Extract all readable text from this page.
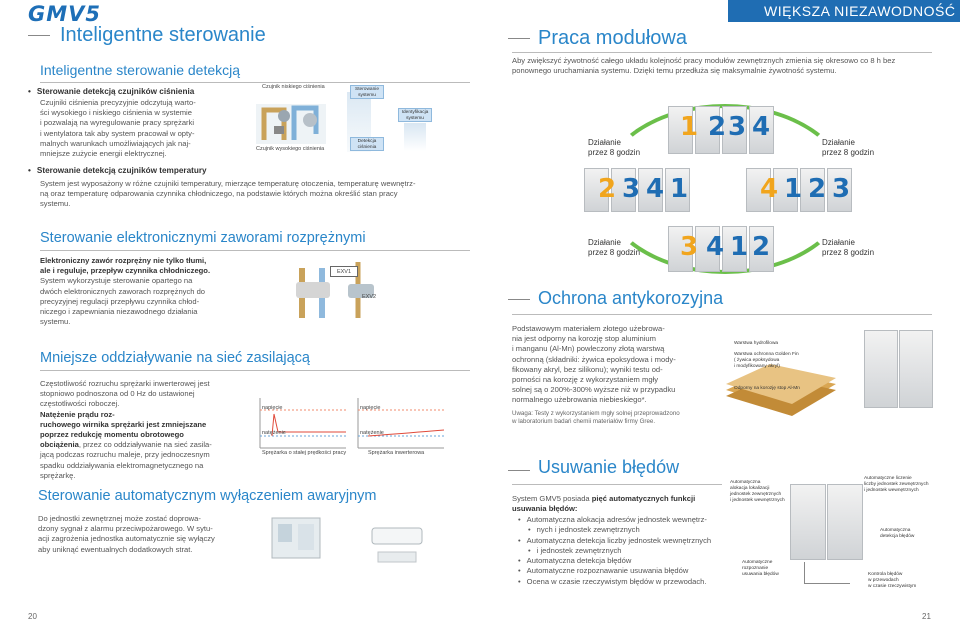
GMV5
Inteligentne sterowanie
Inteligentne sterowanie detekcją
• Sterowanie detekcją czujników ciśnienia
Czujniki ciśnienia precyzyjnie odczytują warto-
ści wysokiego i niskiego ciśnienia w systemie
i pozwalają na wyregulowanie pracy sprężarki
i wentylatora tak aby system pracował w opty-
malnych warunkach umożliwiających jak naj-
mniejsze zużycie energii elektrycznej.
Czujnik niskiego ciśnienia
Czujnik wysokiego ciśnienia
Sterowanie
systemu
Detekcja
ciśnienia
Identyfikacja
systemu
• Sterowanie detekcją czujników temperatury
System jest wyposażony w różne czujniki temperatury, mierzące temperaturę otoczenia, temperaturę wewnętrz-
ną oraz temperaturę odparowania czynnika chłodniczego, na podstawie których można określić stan pracy
systemu.
Sterowanie elektronicznymi zaworami rozprężnymi
Elektroniczny zawór rozprężny nie tylko tłumi,
ale i reguluje, przepływ czynnika chłodniczego.
System wykorzystuje sterowanie opartego na
dwóch elektronicznych zaworach rozprężnych do
precyzyjnej regulacji przepływu czynnika chłod-
niczego i zapewniania niezawodnego działania
systemu.
EXV1
EXV2
Mniejsze oddziaływanie na sieć zasilającą
Częstotliwość rozruchu sprężarki inwerterowej jest
stopniowo podnoszona od 0 Hz do ustawionej
częstotliwości roboczej.
Natężenie prądu roz-
ruchowego wirnika sprężarki jest zmniejszane
poprzez redukcję momentu obrotowego
obciążenia, przez co oddziaływanie na sieć zasila-
jącą podczas rozruchu maleje, przy jednoczesnym
spadku oddziaływania elektromagnetycznego na
sprężarkę.
napięcie
natężenie
Sprężarka o stałej prędkości pracy
napięcie
natężenie
Sprężarka inwerterowa
Sterowanie automatycznym wyłączeniem awaryjnym
Do jednostki zewnętrznej może zostać doprowa-
dzony sygnał z alarmu przeciwpożarowego. W sytu-
acji zagrożenia jednostka automatycznie się wyłączy
aby uniknąć ewentualnych dodatkowych strat.
20
WIĘKSZA NIEZAWODNOŚĆ
Praca modułowa
Aby zwiększyć żywotność całego układu kolejność pracy modułów zewnętrznych zmienia się okresowo co 8 h bez
ponownego uruchamiania systemu. Dzięki temu przedłuża się maksymalnie żywotność systemu.
1 2 3 4
Działanie
przez 8 godzin
Działanie
przez 8 godzin
2 3 4 1	4 1 2 3
3 4 1 2
Działanie
przez 8 godzin
Działanie
przez 8 godzin
Ochrona antykorozyjna
Podstawowym materiałem złotego użebrowa-
nia jest odporny na korozję stop aluminium
i manganu (Al-Mn) powleczony złotą warstwą
ochronną (składniki: żywica epoksydowa i mody-
fikowany akryl, bez silikonu); wyniki testu od-
porności na korozję z wykorzystaniem mgły
solnej są o 200%-300% wyższe niż w przypadku
normalnego użebrowania niebieskiego*.
Uwaga: Testy z wykorzystaniem mgły solnej przeprowadzono
w laboratorium badań chemii materiałów firmy Gree.
Warstwa hydrofilowa
Warstwa ochronna Golden Fin
( żywica epoksydowa
i modyfikowany akryl)
Odporny na korozję stop Al-Mn
Usuwanie błędów
System GMV5 posiada pięć automatycznych funkcji
usuwania błędów:
• Automatyczna alokacja adresów jednostek wewnętrz-
• nych i jednostek zewnętrznych
• Automatyczna detekcja liczby jednostek wewnętrznych
• i jednostek zewnętrznych
• Automatyczna detekcja błędów
• Automatyczne rozpoznawanie usuwania błędów
• Ocena w czasie rzeczywistym błędów w przewodach.
Automatyczna
alokacja lokalizacji
jednostek zewnętrznych
i jednostek wewnętrznych
Automatyczne liczenie
liczby jednostek zewnętrznych
i jednostek wewnętrznych
Automatyczna
detekcja błędów
Automatyczne
rozpoznanie
usuwania błędów	Kontrola błędów
w przewodach
w czasie rzeczywistym
21
